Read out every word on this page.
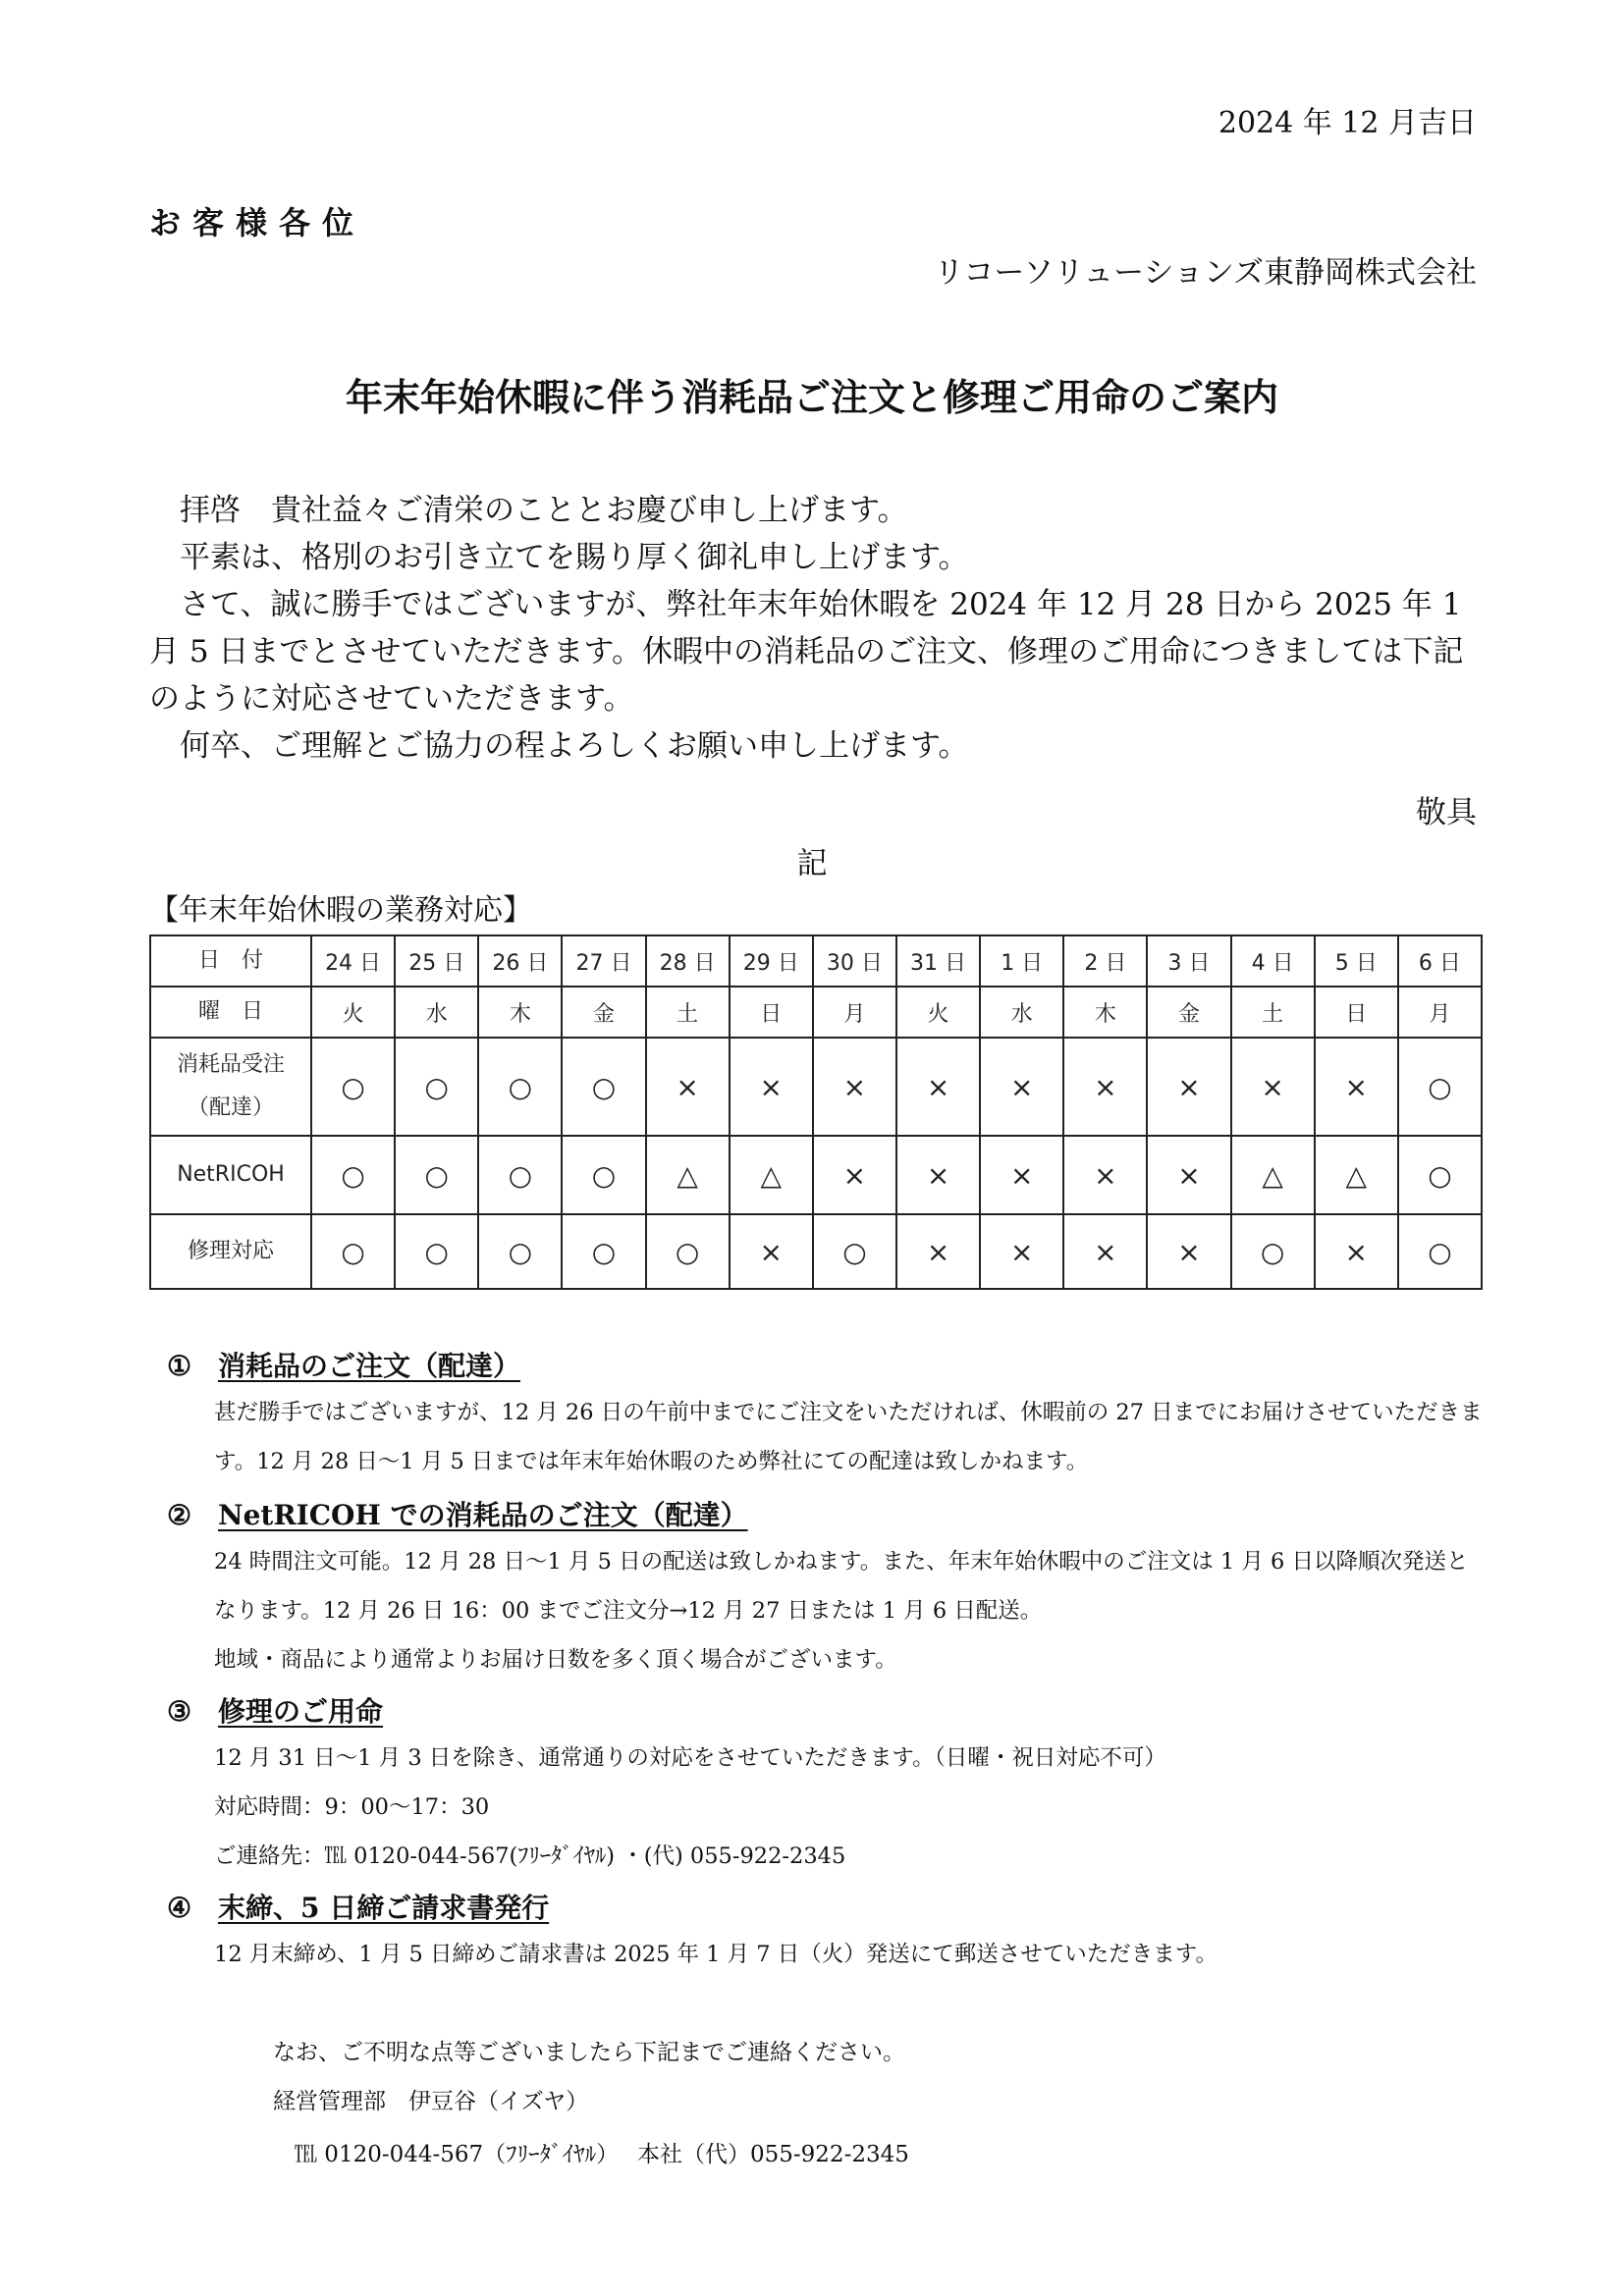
2024 年 12 月吉日
お客様各位
リコーソリューションズ東静岡株式会社
年末年始休暇に伴う消耗品ご注文と修理ご用命のご案内

拝啓　貴社益々ご清栄のこととお慶び申し上げます。

平素は、格別のお引き立てを賜り厚く御礼申し上げます。

さて、誠に勝手ではございますが、弊社年末年始休暇を 2024 年 12 月 28 日から 2025 年 1 月 5 日までとさせていただきます。休暇中の消耗品のご注文、修理のご用命につきましては下記のように対応させていただきます。

何卒、ご理解とご協力の程よろしくお願い申し上げます。

敬具
記
【年末年始休暇の業務対応】
日　付	24 日	25 日	26 日	27 日	28 日	29 日	30 日	31 日	1 日	2 日	3 日	4 日	5 日	6 日
曜　日	火	水	木	金	土	日	月	火	水	木	金	土	日	月

消耗品受注
（配達）	○	○	○	○	×	×	×	×	×	×	×	×	×	○
NetRICOH	○	○	○	○	△	△	×	×	×	×	×	△	△	○
修理対応	○	○	○	○	○	×	○	×	×	×	×	○	×	○
① 消耗品のご注文（配達）

甚だ勝手ではございますが、12 月 26 日の午前中までにご注文をいただければ、休暇前の 27 日までにお届けさせていただきます。12 月 28 日～1 月 5 日までは年末年始休暇のため弊社にての配達は致しかねます。

② NetRICOH での消耗品のご注文（配達）

24 時間注文可能。12 月 28 日～1 月 5 日の配送は致しかねます。また、年末年始休暇中のご注文は 1 月 6 日以降順次発送となります。12 月 26 日 16：00 までご注文分→12 月 27 日または 1 月 6 日配送。

地域・商品により通常よりお届け日数を多く頂く場合がございます。

③ 修理のご用命

12 月 31 日～1 月 3 日を除き、通常通りの対応をさせていただきます。（日曜・祝日対応不可）

対応時間：9：00～17：30

ご連絡先：℡ 0120-044-567(ﾌﾘｰﾀﾞｲﾔﾙ) ・(代) 055-922-2345

④ 末締、5 日締ご請求書発行

12 月末締め、1 月 5 日締めご請求書は 2025 年 1 月 7 日（火）発送にて郵送させていただきます。

なお、ご不明な点等ございましたら下記までご連絡ください。
経営管理部　伊豆谷（イズヤ）
℡ 0120-044-567（ﾌﾘｰﾀﾞｲﾔﾙ）　 本社（代）055-922-2345
